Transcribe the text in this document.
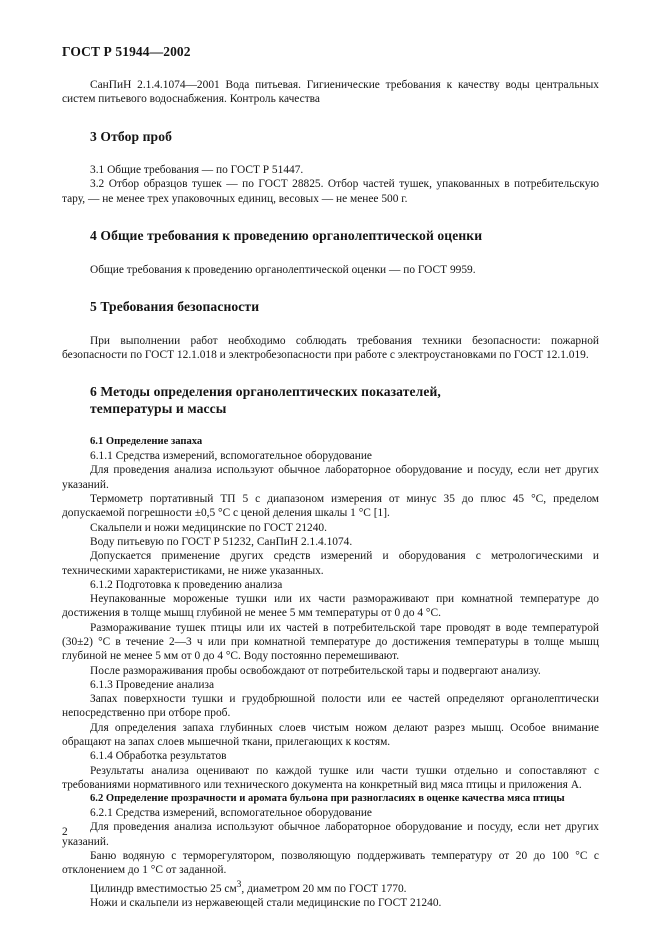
ГОСТ Р 51944—2002

СанПиН 2.1.4.1074—2001 Вода питьевая. Гигиенические требования к качеству воды центральных систем питьевого водоснабжения. Контроль качества

3 Отбор проб

3.1 Общие требования — по ГОСТ Р 51447.

3.2 Отбор образцов тушек — по ГОСТ 28825. Отбор частей тушек, упакованных в потребительскую тару, — не менее трех упаковочных единиц, весовых — не менее 500 г.

4 Общие требования к проведению органолептической оценки

Общие требования к проведению органолептической оценки — по ГОСТ 9959.

5 Требования безопасности

При выполнении работ необходимо соблюдать требования техники безопасности: пожарной безопасности по ГОСТ 12.1.018 и электробезопасности при работе с электроустановками по ГОСТ 12.1.019.

6 Методы определения органолептических показателей,
температуры и массы
6.1 Определение запаха

6.1.1 Средства измерений, вспомогательное оборудование

Для проведения анализа используют обычное лабораторное оборудование и посуду, если нет других указаний.

Термометр портативный ТП 5 с диапазоном измерения от минус 35 до плюс 45 °С, пределом допускаемой погрешности ±0,5 °С с ценой деления шкалы 1 °С [1].

Скальпели и ножи медицинские по ГОСТ 21240.

Воду питьевую по ГОСТ Р 51232, СанПиН 2.1.4.1074.

Допускается применение других средств измерений и оборудования с метрологическими и техническими характеристиками, не ниже указанных.

6.1.2 Подготовка к проведению анализа

Неупакованные мороженые тушки или их части размораживают при комнатной температуре до достижения в толще мышц глубиной не менее 5 мм температуры от 0 до 4 °С.

Размораживание тушек птицы или их частей в потребительской таре проводят в воде температурой (30±2) °С в течение 2—3 ч или при комнатной температуре до достижения температуры в толще мышц глубиной не менее 5 мм от 0 до 4 °С. Воду постоянно перемешивают.

После размораживания пробы освобождают от потребительской тары и подвергают анализу.

6.1.3 Проведение анализа

Запах поверхности тушки и грудобрюшной полости или ее частей определяют органолептически непосредственно при отборе проб.

Для определения запаха глубинных слоев чистым ножом делают разрез мышц. Особое внимание обращают на запах слоев мышечной ткани, прилегающих к костям.

6.1.4 Обработка результатов

Результаты анализа оценивают по каждой тушке или части тушки отдельно и сопоставляют с требованиями нормативного или технического документа на конкретный вид мяса птицы и приложения А.

6.2 Определение прозрачности и аромата бульона при разногласиях в оценке качества мяса птицы

6.2.1 Средства измерений, вспомогательное оборудование

Для проведения анализа используют обычное лабораторное оборудование и посуду, если нет других указаний.

Баню водяную с терморегулятором, позволяющую поддерживать температуру от 20 до 100 °С с отклонением до 1 °С от заданной.

Цилиндр вместимостью 25 $см^3$, диаметром 20 мм по ГОСТ 1770.

Ножи и скальпели из нержавеющей стали медицинские по ГОСТ 21240.

2
